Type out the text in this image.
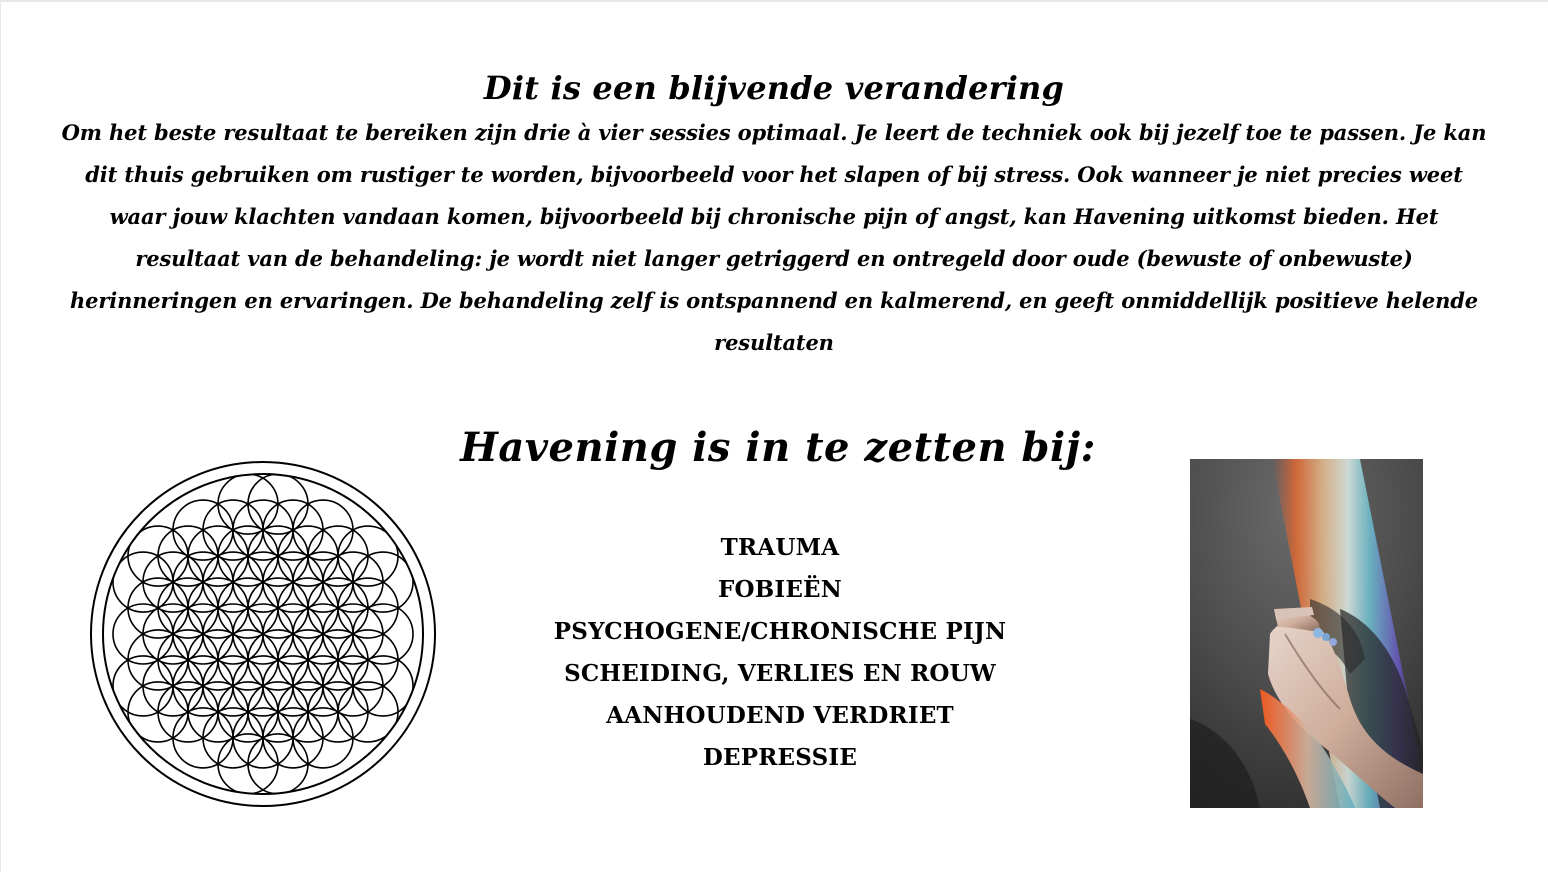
Dit is een blijvende verandering

Om het beste resultaat te bereiken zijn drie à vier sessies optimaal. Je leert de techniek ook bij jezelf toe te passen. Je kan dit thuis gebruiken om rustiger te worden, bijvoorbeeld voor het slapen of bij stress. Ook wanneer je niet precies weet waar jouw klachten vandaan komen, bijvoorbeeld bij chronische pijn of angst, kan Havening uitkomst bieden. Het resultaat van de behandeling: je wordt niet langer getriggerd en ontregeld door oude (bewuste of onbewuste) herinneringen en ervaringen. De behandeling zelf is ontspannend en kalmerend, en geeft onmiddellijk positieve helende resultaten

Havening is in te zetten bij:
TRAUMA
FOBIEËN
PSYCHOGENE/CHRONISCHE PIJN
SCHEIDING, VERLIES EN ROUW
AANHOUDEND VERDRIET
DEPRESSIE
